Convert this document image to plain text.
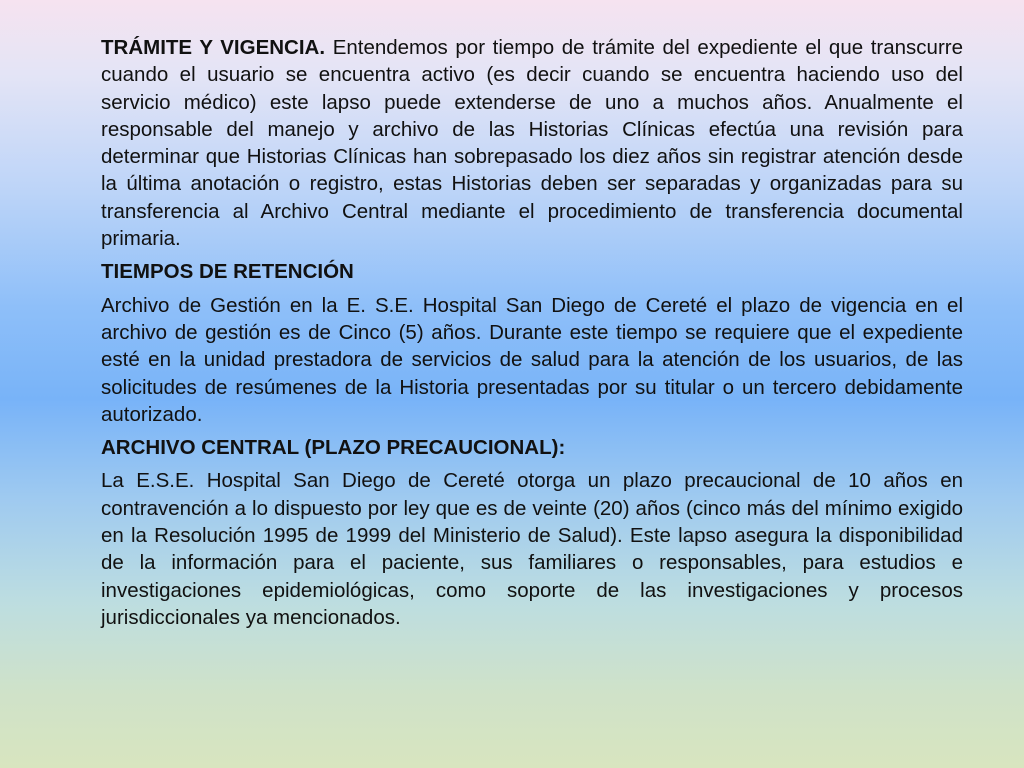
TRÁMITE Y VIGENCIA. Entendemos por tiempo de trámite del expediente el que transcurre cuando el usuario se encuentra activo (es decir cuando se encuentra haciendo uso del servicio médico) este lapso puede extenderse de uno a muchos años. Anualmente el responsable del manejo y archivo de las Historias Clínicas efectúa una revisión para determinar que Historias Clínicas han sobrepasado los diez años sin registrar atención desde la última anotación o registro, estas Historias deben ser separadas y organizadas para su transferencia al Archivo Central mediante el procedimiento de transferencia documental primaria.

TIEMPOS DE RETENCIÓN

Archivo de Gestión en la E. S.E. Hospital San Diego de Cereté el plazo de vigencia en el archivo de gestión es de Cinco (5) años. Durante este tiempo se requiere que el expediente esté en la unidad prestadora de servicios de salud para la atención de los usuarios, de las solicitudes de resúmenes de la Historia presentadas por su titular o un tercero debidamente autorizado.

ARCHIVO CENTRAL (PLAZO PRECAUCIONAL):

La E.S.E. Hospital San Diego de Cereté otorga un plazo precaucional de 10 años en contravención a lo dispuesto por ley que es de veinte (20) años (cinco más del mínimo exigido en la Resolución 1995 de 1999 del Ministerio de Salud). Este lapso asegura la disponibilidad de la información para el paciente, sus familiares o responsables, para estudios e investigaciones epidemiológicas, como soporte de las investigaciones y procesos jurisdiccionales ya mencionados.
